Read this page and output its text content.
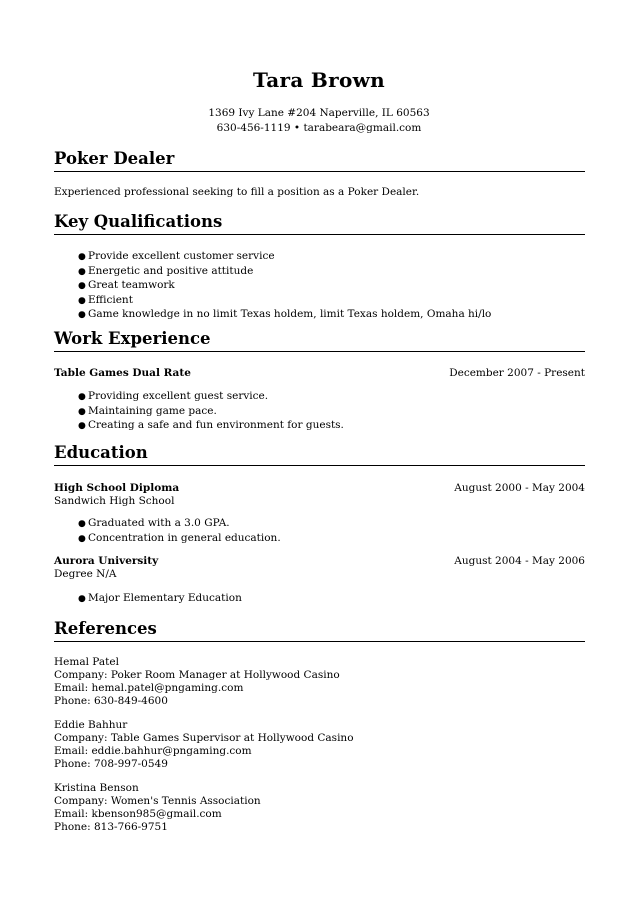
Tara Brown
1369 Ivy Lane #204 Naperville, IL 60563
630-456-1119 • tarabeara@gmail.com
Poker Dealer
Experienced professional seeking to fill a position as a Poker Dealer.
Key Qualifications
● Provide excellent customer service
● Energetic and positive attitude
● Great teamwork
● Efficient
● Game knowledge in no limit Texas holdem, limit Texas holdem, Omaha hi/lo
Work Experience
Table Games Dual Rate	December 2007 - Present
● Providing excellent guest service.
● Maintaining game pace.
● Creating a safe and fun environment for guests.
Education
High School Diploma	August 2000 - May 2004
Sandwich High School
● Graduated with a 3.0 GPA.
● Concentration in general education.
Aurora University	August 2004 - May 2006
Degree N/A
● Major Elementary Education
References
Hemal Patel
Company: Poker Room Manager at Hollywood Casino
Email: hemal.patel@pngaming.com
Phone: 630-849-4600
Eddie Bahhur
Company: Table Games Supervisor at Hollywood Casino
Email: eddie.bahhur@pngaming.com
Phone: 708-997-0549
Kristina Benson
Company: Women's Tennis Association
Email: kbenson985@gmail.com
Phone: 813-766-9751
